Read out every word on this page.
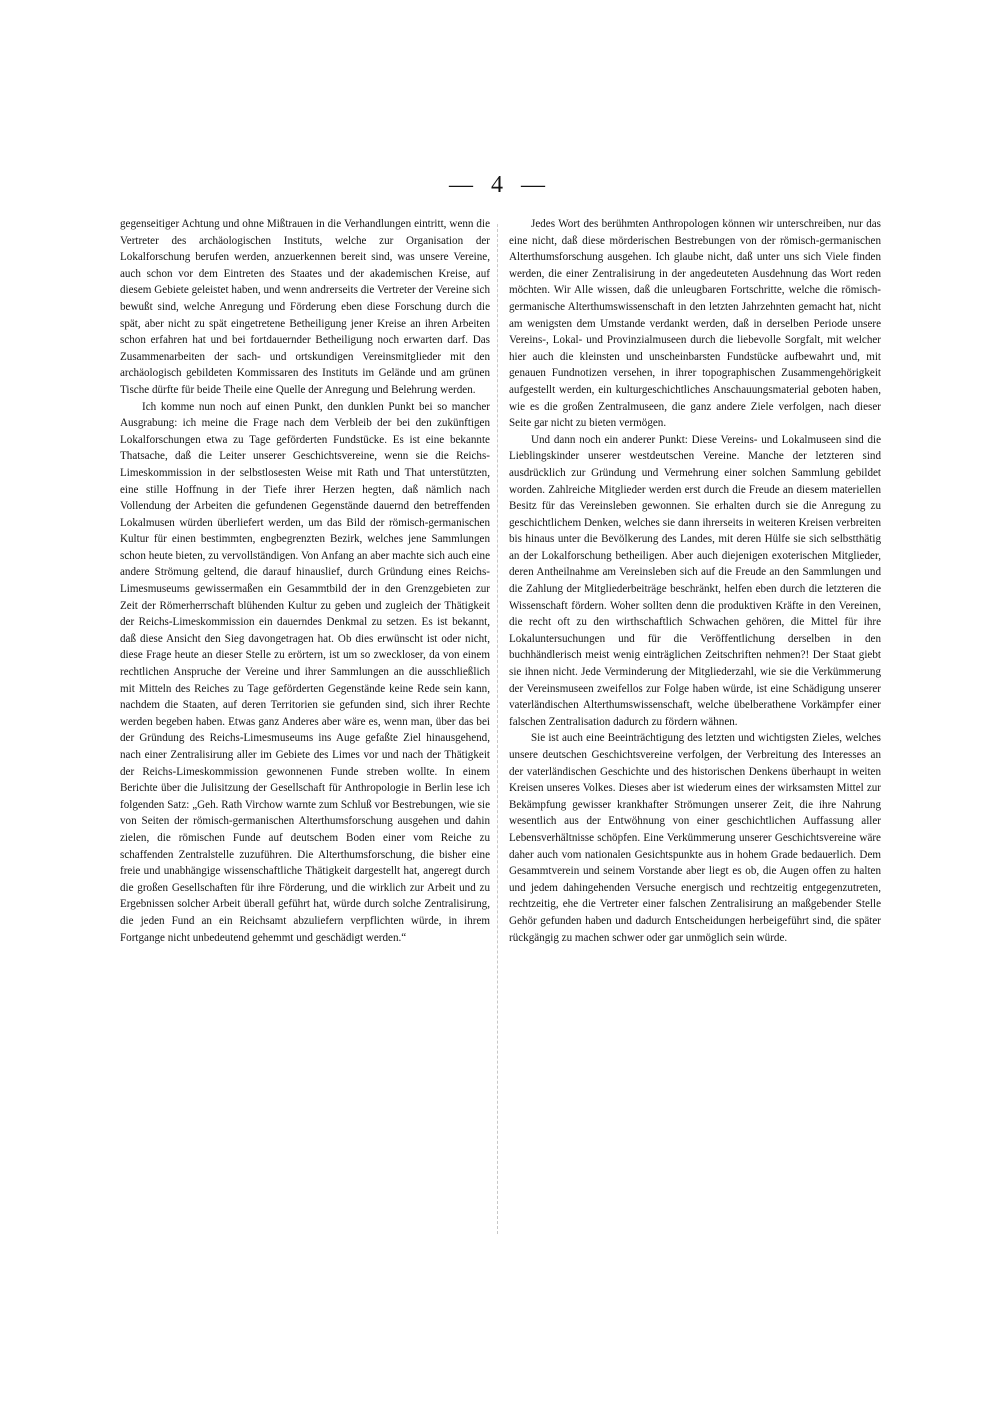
— 4 —

gegenseitiger Achtung und ohne Mißtrauen in die Verhandlungen eintritt, wenn die Vertreter des archäologischen Instituts, welche zur Organisation der Lokalforschung berufen werden, anzuerkennen bereit sind, was unsere Vereine, auch schon vor dem Eintreten des Staates und der akademischen Kreise, auf diesem Gebiete geleistet haben, und wenn andrerseits die Vertreter der Vereine sich bewußt sind, welche Anregung und Förderung eben diese Forschung durch die spät, aber nicht zu spät eingetretene Betheiligung jener Kreise an ihren Arbeiten schon erfahren hat und bei fortdauernder Betheiligung noch erwarten darf. Das Zusammenarbeiten der sach- und ortskundigen Vereinsmitglieder mit den archäologisch gebildeten Kommissaren des Instituts im Gelände und am grünen Tische dürfte für beide Theile eine Quelle der Anregung und Belehrung werden.

Ich komme nun noch auf einen Punkt, den dunklen Punkt bei so mancher Ausgrabung: ich meine die Frage nach dem Verbleib der bei den zukünftigen Lokalforschungen etwa zu Tage geförderten Fundstücke. Es ist eine bekannte Thatsache, daß die Leiter unserer Geschichtsvereine, wenn sie die Reichs-Limeskommission in der selbstlosesten Weise mit Rath und That unterstützten, eine stille Hoffnung in der Tiefe ihrer Herzen hegten, daß nämlich nach Vollendung der Arbeiten die gefundenen Gegenstände dauernd den betreffenden Lokalmusen würden überliefert werden, um das Bild der römisch-germanischen Kultur für einen bestimmten, engbegrenzten Bezirk, welches jene Sammlungen schon heute bieten, zu vervollständigen. Von Anfang an aber machte sich auch eine andere Strömung geltend, die darauf hinauslief, durch Gründung eines Reichs-Limesmuseums gewissermaßen ein Gesammtbild der in den Grenzgebieten zur Zeit der Römerherrschaft blühenden Kultur zu geben und zugleich der Thätigkeit der Reichs-Limeskommission ein dauerndes Denkmal zu setzen. Es ist bekannt, daß diese Ansicht den Sieg davongetragen hat. Ob dies erwünscht ist oder nicht, diese Frage heute an dieser Stelle zu erörtern, ist um so zweckloser, da von einem rechtlichen Anspruche der Vereine und ihrer Sammlungen an die ausschließlich mit Mitteln des Reiches zu Tage geförderten Gegenstände keine Rede sein kann, nachdem die Staaten, auf deren Territorien sie gefunden sind, sich ihrer Rechte werden begeben haben. Etwas ganz Anderes aber wäre es, wenn man, über das bei der Gründung des Reichs-Limesmuseums ins Auge gefaßte Ziel hinausgehend, nach einer Zentralisirung aller im Gebiete des Limes vor und nach der Thätigkeit der Reichs-Limeskommission gewonnenen Funde streben wollte. In einem Berichte über die Julisitzung der Gesellschaft für Anthropologie in Berlin lese ich folgenden Satz: „Geh. Rath Virchow warnte zum Schluß vor Bestrebungen, wie sie von Seiten der römisch-germanischen Alterthumsforschung ausgehen und dahin zielen, die römischen Funde auf deutschem Boden einer vom Reiche zu schaffenden Zentralstelle zuzuführen. Die Alterthumsforschung, die bisher eine freie und unabhängige wissenschaftliche Thätigkeit dargestellt hat, angeregt durch die großen Gesellschaften für ihre Förderung, und die wirklich zur Arbeit und zu Ergebnissen solcher Arbeit überall geführt hat, würde durch solche Zentralisirung, die jeden Fund an ein Reichsamt abzuliefern verpflichten würde, in ihrem Fortgange nicht unbedeutend gehemmt und geschädigt werden.“

Jedes Wort des berühmten Anthropologen können wir unterschreiben, nur das eine nicht, daß diese mörderischen Bestrebungen von der römisch-germanischen Alterthumsforschung ausgehen. Ich glaube nicht, daß unter uns sich Viele finden werden, die einer Zentralisirung in der angedeuteten Ausdehnung das Wort reden möchten. Wir Alle wissen, daß die unleugbaren Fortschritte, welche die römisch-germanische Alterthumswissenschaft in den letzten Jahrzehnten gemacht hat, nicht am wenigsten dem Umstande verdankt werden, daß in derselben Periode unsere Vereins-, Lokal- und Provinzialmuseen durch die liebevolle Sorgfalt, mit welcher hier auch die kleinsten und unscheinbarsten Fundstücke aufbewahrt und, mit genauen Fundnotizen versehen, in ihrer topographischen Zusammengehörigkeit aufgestellt werden, ein kulturgeschichtliches Anschauungsmaterial geboten haben, wie es die großen Zentralmuseen, die ganz andere Ziele verfolgen, nach dieser Seite gar nicht zu bieten vermögen.

Und dann noch ein anderer Punkt: Diese Vereins- und Lokalmuseen sind die Lieblingskinder unserer westdeutschen Vereine. Manche der letzteren sind ausdrücklich zur Gründung und Vermehrung einer solchen Sammlung gebildet worden. Zahlreiche Mitglieder werden erst durch die Freude an diesem materiellen Besitz für das Vereinsleben gewonnen. Sie erhalten durch sie die Anregung zu geschichtlichem Denken, welches sie dann ihrerseits in weiteren Kreisen verbreiten bis hinaus unter die Bevölkerung des Landes, mit deren Hülfe sie sich selbstthätig an der Lokalforschung betheiligen. Aber auch diejenigen exoterischen Mitglieder, deren Antheilnahme am Vereinsleben sich auf die Freude an den Sammlungen und die Zahlung der Mitgliederbeiträge beschränkt, helfen eben durch die letzteren die Wissenschaft fördern. Woher sollten denn die produktiven Kräfte in den Vereinen, die recht oft zu den wirthschaftlich Schwachen gehören, die Mittel für ihre Lokaluntersuchungen und für die Veröffentlichung derselben in den buchhändlerisch meist wenig einträglichen Zeitschriften nehmen?! Der Staat giebt sie ihnen nicht. Jede Verminderung der Mitgliederzahl, wie sie die Verkümmerung der Vereinsmuseen zweifellos zur Folge haben würde, ist eine Schädigung unserer vaterländischen Alterthumswissenschaft, welche übelberathene Vorkämpfer einer falschen Zentralisation dadurch zu fördern wähnen.

Sie ist auch eine Beeinträchtigung des letzten und wichtigsten Zieles, welches unsere deutschen Geschichtsvereine verfolgen, der Verbreitung des Interesses an der vaterländischen Geschichte und des historischen Denkens überhaupt in weiten Kreisen unseres Volkes. Dieses aber ist wiederum eines der wirksamsten Mittel zur Bekämpfung gewisser krankhafter Strömungen unserer Zeit, die ihre Nahrung wesentlich aus der Entwöhnung von einer geschichtlichen Auffassung aller Lebensverhältnisse schöpfen. Eine Verkümmerung unserer Geschichtsvereine wäre daher auch vom nationalen Gesichtspunkte aus in hohem Grade bedauerlich. Dem Gesammtverein und seinem Vorstande aber liegt es ob, die Augen offen zu halten und jedem dahingehenden Versuche energisch und rechtzeitig entgegenzutreten, rechtzeitig, ehe die Vertreter einer falschen Zentralisirung an maßgebender Stelle Gehör gefunden haben und dadurch Entscheidungen herbeigeführt sind, die später rückgängig zu machen schwer oder gar unmöglich sein würde.
